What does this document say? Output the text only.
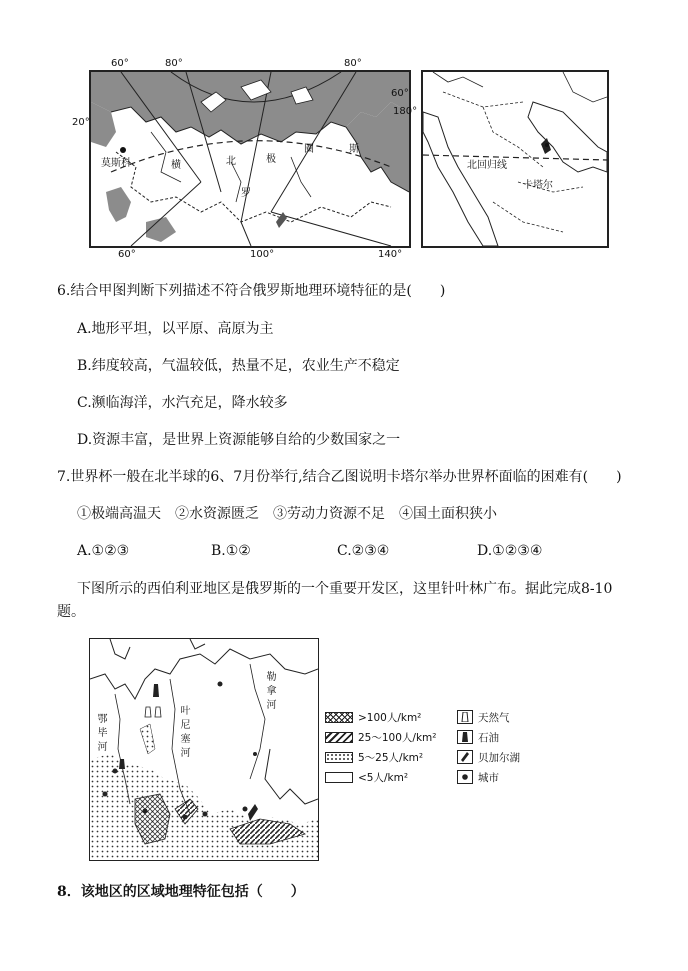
莫斯科	横	北	极
圈	斯
罗
60°	80°	80°
20°
60°
180°
60°	100°	140°
北回归线
卡塔尔
6.结合甲图判断下列描述不符合俄罗斯地理环境特征的是(　　)
A.地形平坦，以平原、高原为主
B.纬度较高，气温较低，热量不足，农业生产不稳定
C.濒临海洋，水汽充足，降水较多
D.资源丰富，是世界上资源能够自给的少数国家之一
7.世界杯一般在北半球的6、7月份举行,结合乙图说明卡塔尔举办世界杯面临的困难有(　　)
①极端高温天　②水资源匮乏　③劳动力资源不足　④国土面积狭小
A.①②③	B.①②	C.②③④	D.①②③④
下图所示的西伯利亚地区是俄罗斯的一个重要开发区，这里针叶林广布。据此完成8-10
题。
鄂
毕
河
叶
尼
塞
河
勒
拿
河
>100人/km²
25～100人/km²
5～25人/km²
<5人/km²
天然气
石油
贝加尔湖
城市
8．该地区的区域地理特征包括（　　）
